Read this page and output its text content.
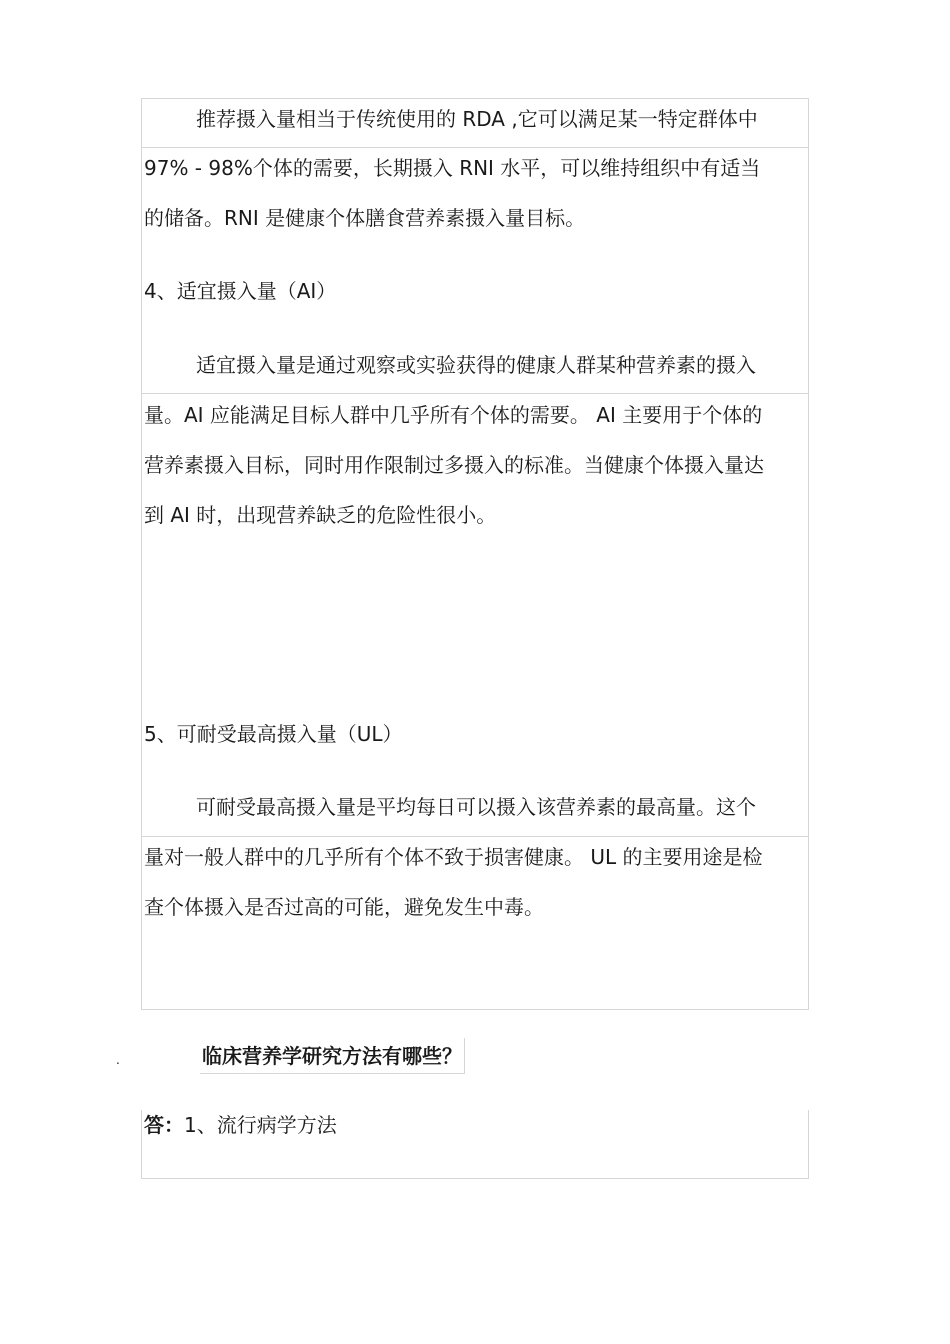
推荐摄入量相当于传统使用的 RDA ,它可以满足某一特定群体中
97% - 98%个体的需要，长期摄入 RNI 水平，可以维持组织中有适当
的储备。RNI 是健康个体膳食营养素摄入量目标。
4、适宜摄入量（AI）
适宜摄入量是通过观察或实验获得的健康人群某种营养素的摄入
量。AI 应能满足目标人群中几乎所有个体的需要。 AI 主要用于个体的
营养素摄入目标，同时用作限制过多摄入的标准。当健康个体摄入量达
到 AI 时，出现营养缺乏的危险性很小。
5、可耐受最高摄入量（UL）
可耐受最高摄入量是平均每日可以摄入该营养素的最高量。这个
量对一般人群中的几乎所有个体不致于损害健康。 UL 的主要用途是检
查个体摄入是否过高的可能，避免发生中毒。
.	临床营养学研究方法有哪些？
答：1、流行病学方法
